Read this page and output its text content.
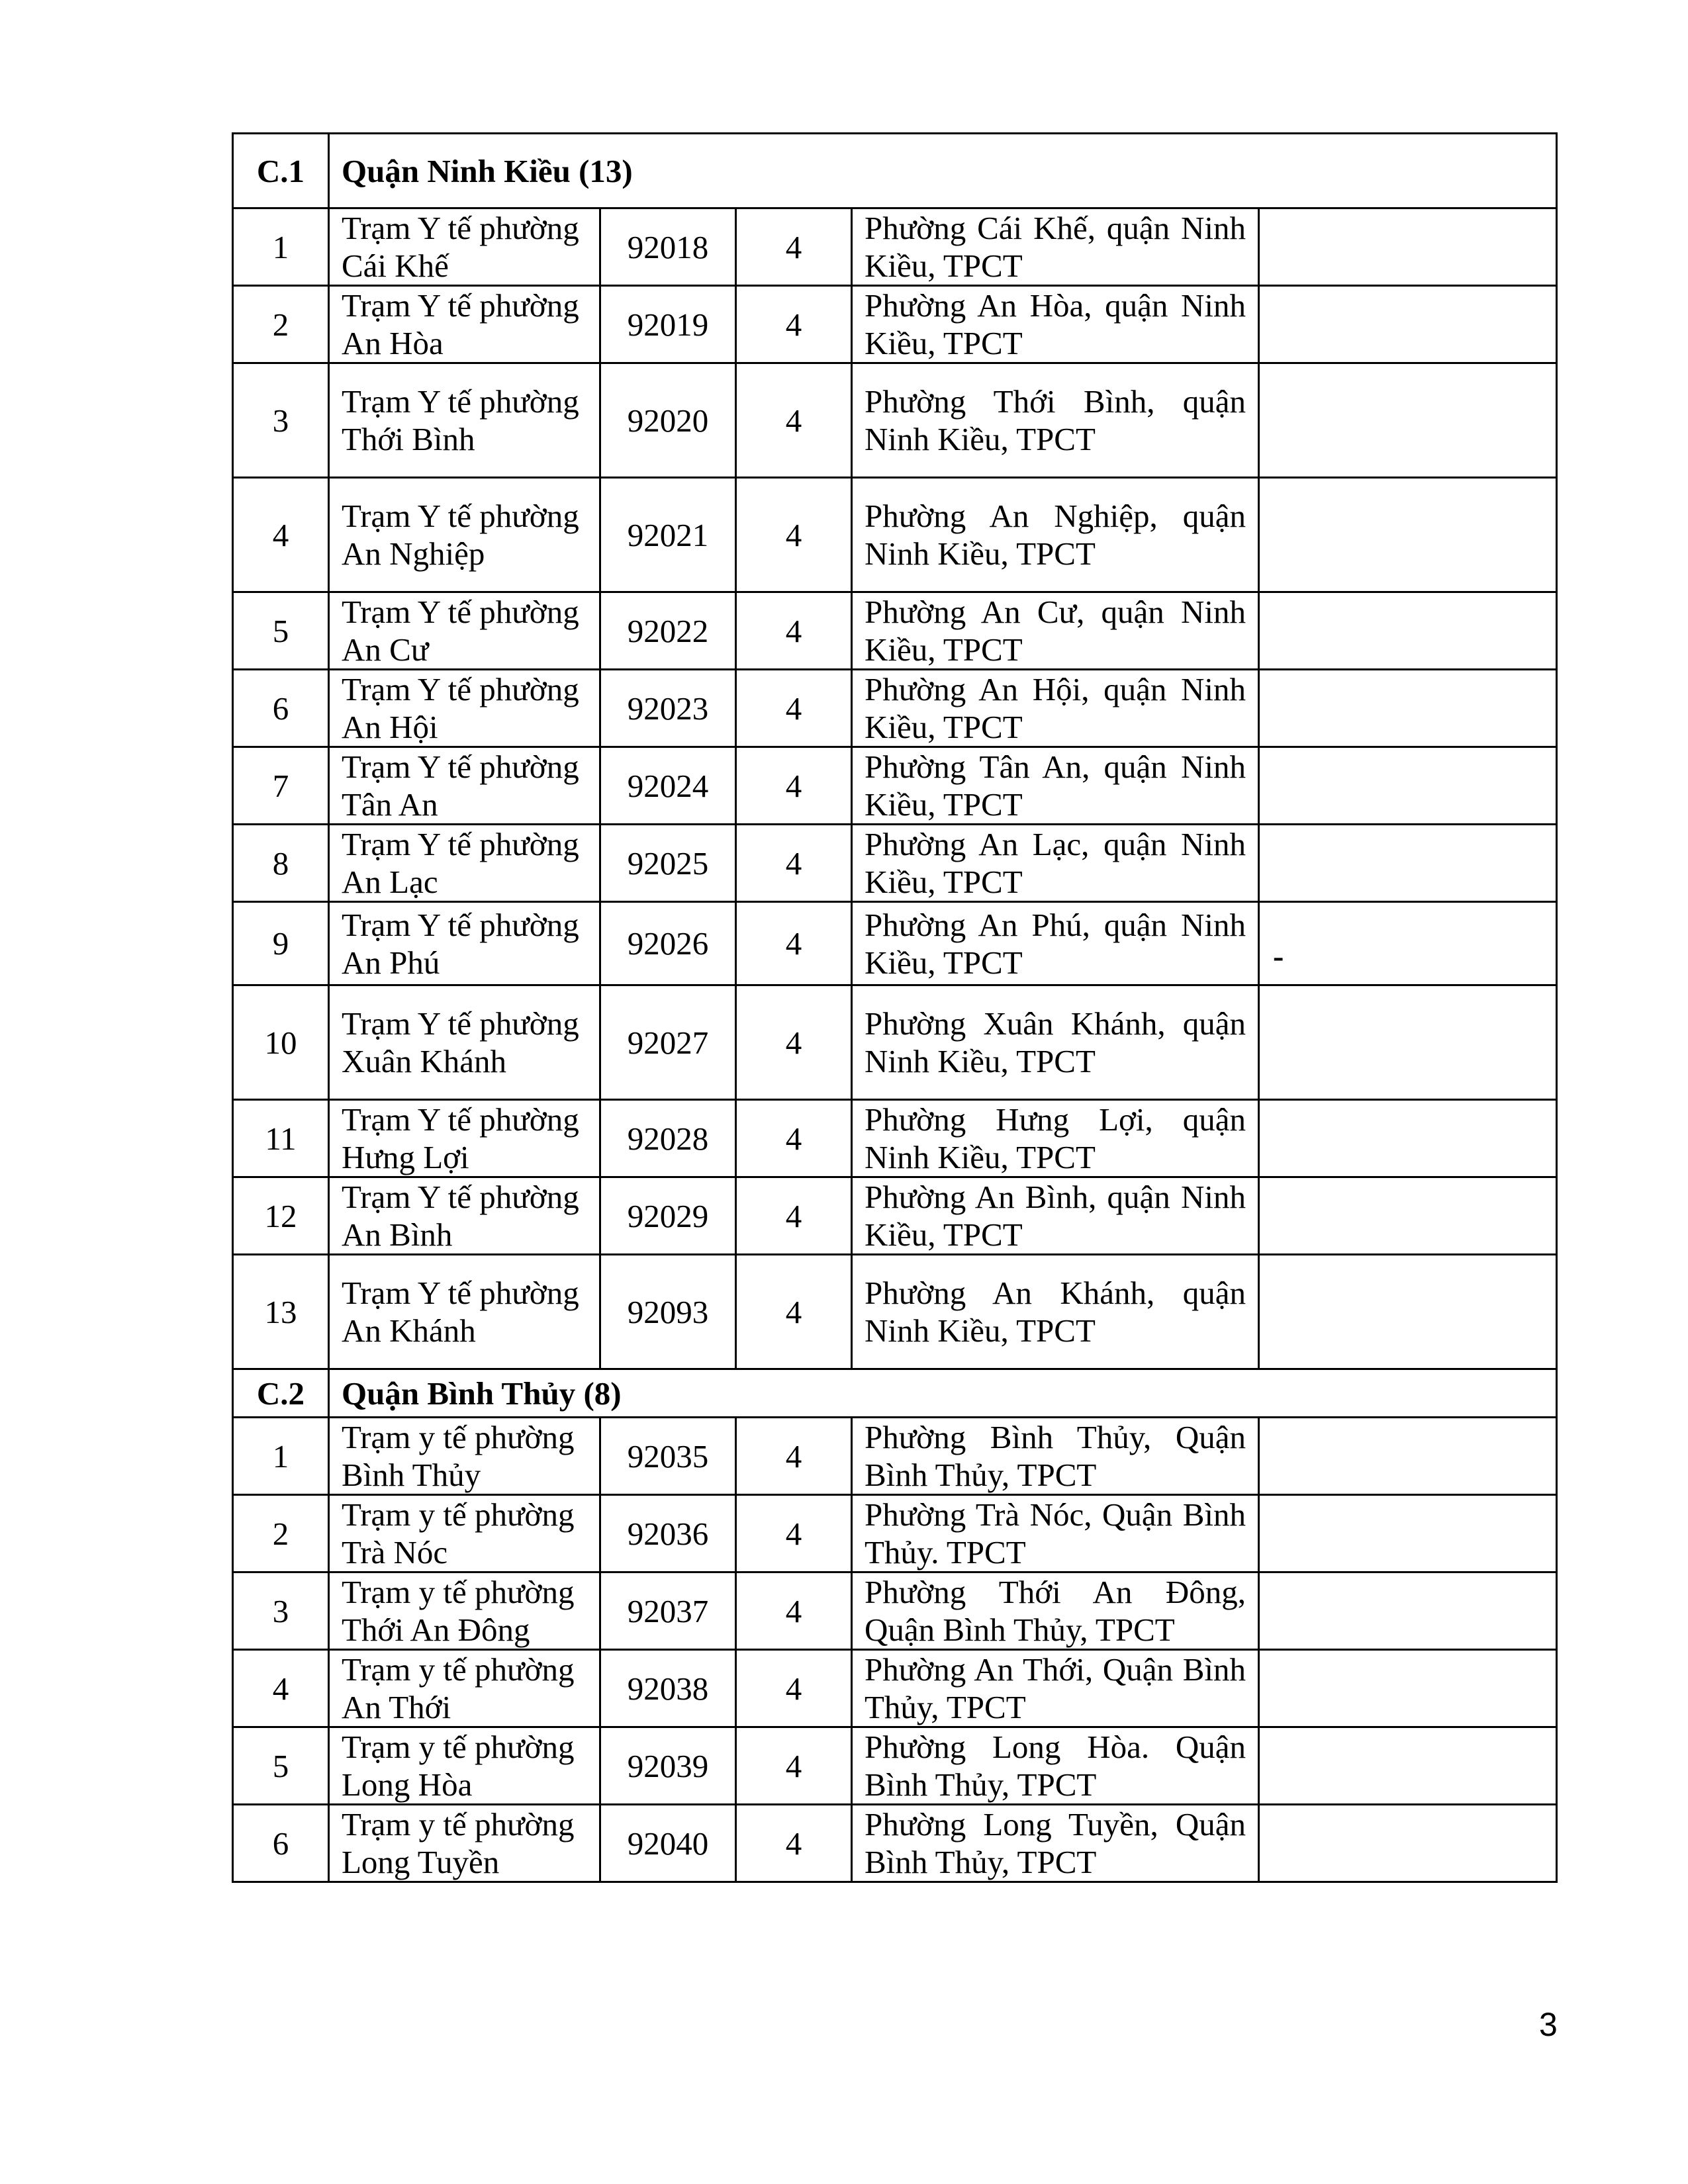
C.1	Quận Ninh Kiều (13)				
1	Trạm Y tế phường Cái Khế	92018	4	Phường Cái Khế, quận Ninh Kiều, TPCT	
2	Trạm Y tế phường An Hòa	92019	4	Phường An Hòa, quận Ninh Kiều, TPCT	
3	Trạm Y tế phường Thới Bình	92020	4	Phường Thới Bình, quận Ninh Kiều, TPCT	
4	Trạm Y tế phường An Nghiệp	92021	4	Phường An Nghiệp, quận Ninh Kiều, TPCT	
5	Trạm Y tế phường An Cư	92022	4	Phường An Cư, quận Ninh Kiều, TPCT	
6	Trạm Y tế phường An Hội	92023	4	Phường An Hội, quận Ninh Kiều, TPCT	
7	Trạm Y tế phường Tân An	92024	4	Phường Tân An, quận Ninh Kiều, TPCT	
8	Trạm Y tế phường An Lạc	92025	4	Phường An Lạc, quận Ninh Kiều, TPCT	
9	Trạm Y tế phường An Phú	92026	4	Phường An Phú, quận Ninh Kiều, TPCT	-
10	Trạm Y tế phường Xuân Khánh	92027	4	Phường Xuân Khánh, quận Ninh Kiều, TPCT	
11	Trạm Y tế phường Hưng Lợi	92028	4	Phường Hưng Lợi, quận Ninh Kiều, TPCT	
12	Trạm Y tế phường An Bình	92029	4	Phường An Bình, quận Ninh Kiều, TPCT	
13	Trạm Y tế phường An Khánh	92093	4	Phường An Khánh, quận Ninh Kiều, TPCT	
C.2	Quận Bình Thủy (8)				
1	Trạm y tế phường Bình Thủy	92035	4	Phường Bình Thủy, Quận Bình Thủy, TPCT	
2	Trạm y tế phường Trà Nóc	92036	4	Phường Trà Nóc, Quận Bình Thủy. TPCT	
3	Trạm y tế phường Thới An Đông	92037	4	Phường Thới An Đông, Quận Bình Thủy, TPCT	
4	Trạm y tế phường An Thới	92038	4	Phường An Thới, Quận Bình Thủy, TPCT	
5	Trạm y tế phường Long Hòa	92039	4	Phường Long Hòa. Quận Bình Thủy, TPCT	
6	Trạm y tế phường Long Tuyền	92040	4	Phường Long Tuyền, Quận Bình Thủy, TPCT	
3
